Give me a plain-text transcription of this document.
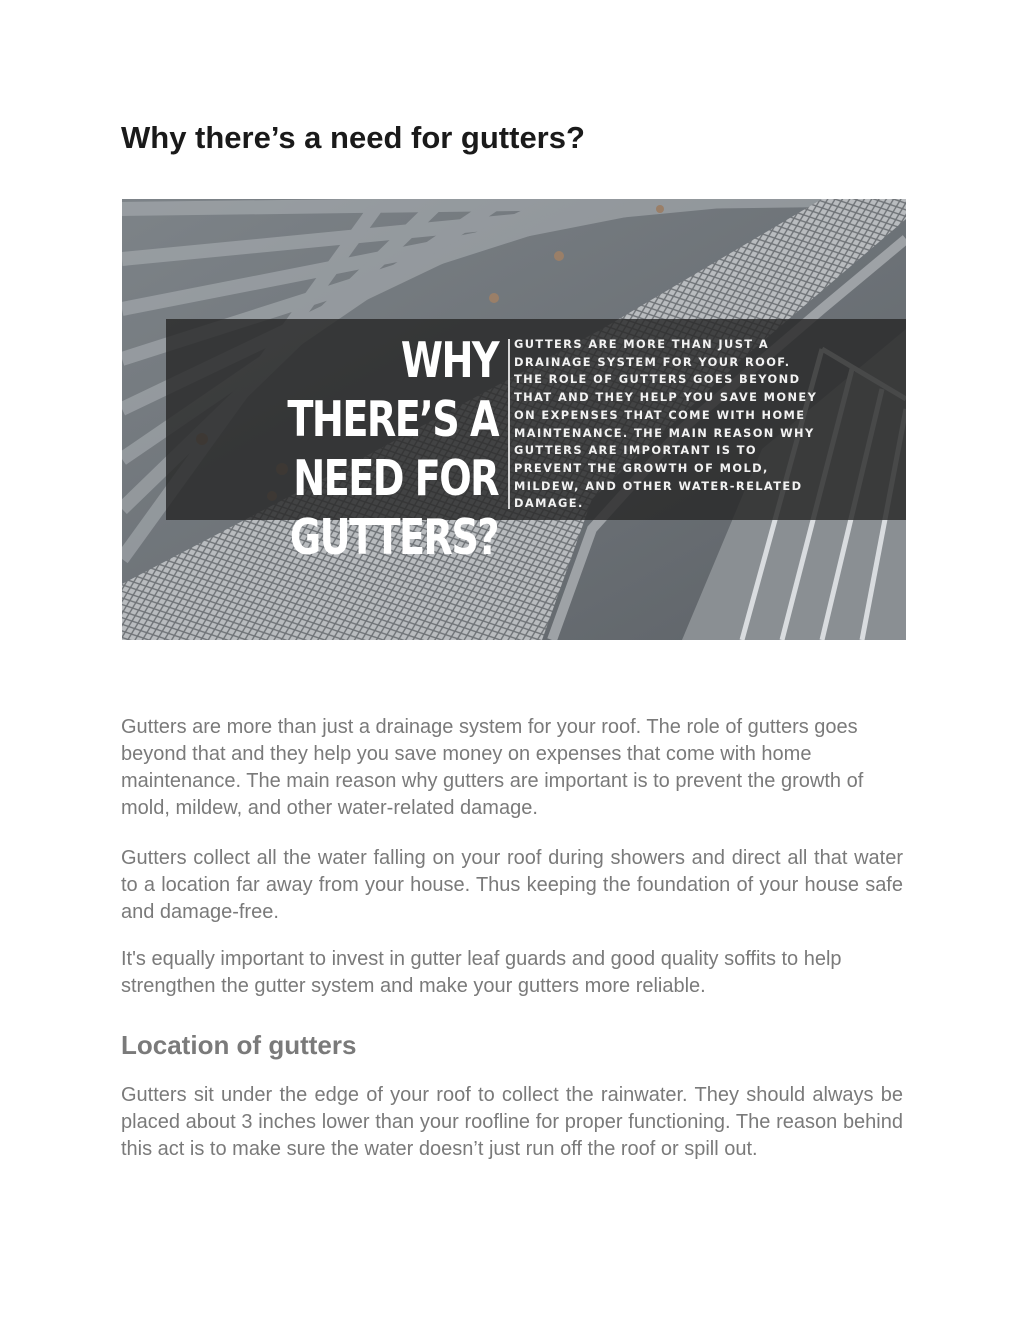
Why there’s a need for gutters?
WHY THERE’S A
NEED FOR
GUTTERS?
GUTTERS ARE MORE THAN JUST A DRAINAGE SYSTEM FOR YOUR ROOF. THE ROLE OF GUTTERS GOES BEYOND THAT AND THEY HELP YOU SAVE MONEY ON EXPENSES THAT COME WITH HOME MAINTENANCE. THE MAIN REASON WHY GUTTERS ARE IMPORTANT IS TO PREVENT THE GROWTH OF MOLD, MILDEW, AND OTHER WATER-RELATED DAMAGE.

Gutters are more than just a drainage system for your roof. The role of gutters goes beyond that and they help you save money on expenses that come with home maintenance. The main reason why gutters are important is to prevent the growth of mold, mildew, and other water-related damage.

Gutters collect all the water falling on your roof during showers and direct all that water to a location far away from your house. Thus keeping the foundation of your house safe and damage-free.

It's equally important to invest in gutter leaf guards and good quality soffits to help strengthen the gutter system and make your gutters more reliable.

Location of gutters

Gutters sit under the edge of your roof to collect the rainwater. They should always be placed about 3 inches lower than your roofline for proper functioning. The reason behind this act is to make sure the water doesn’t just run off the roof or spill out.
